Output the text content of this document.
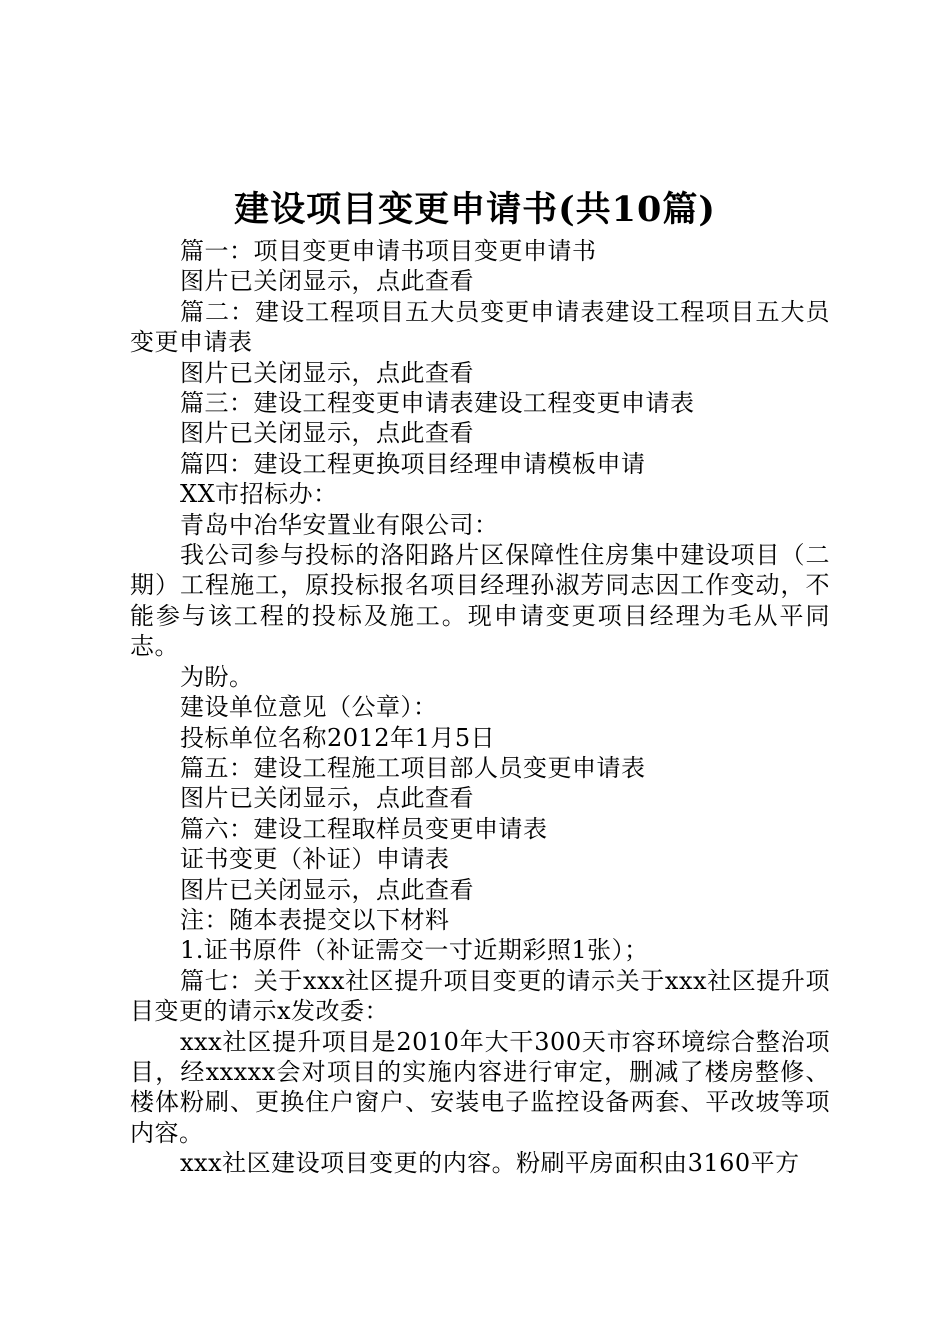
建设项目变更申请书(共10篇)

篇一：项目变更申请书项目变更申请书

图片已关闭显示，点此查看

篇二：建设工程项目五大员变更申请表建设工程项目五大员变更申请表

图片已关闭显示，点此查看

篇三：建设工程变更申请表建设工程变更申请表

图片已关闭显示，点此查看

篇四：建设工程更换项目经理申请模板申请

XX市招标办：

青岛中冶华安置业有限公司：

我公司参与投标的洛阳路片区保障性住房集中建设项目（二期）工程施工，原投标报名项目经理孙淑芳同志因工作变动，不能参与该工程的投标及施工。现申请变更项目经理为毛从平同志。

为盼。

建设单位意见（公章）：

投标单位名称2012年1月5日

篇五：建设工程施工项目部人员变更申请表

图片已关闭显示，点此查看

篇六：建设工程取样员变更申请表

证书变更（补证）申请表

图片已关闭显示，点此查看

注：随本表提交以下材料

1.证书原件（补证需交一寸近期彩照1张）；

篇七：关于xxx社区提升项目变更的请示关于xxx社区提升项目变更的请示x发改委：

xxx社区提升项目是2010年大干300天市容环境综合整治项目，经xxxxx会对项目的实施内容进行审定，删减了楼房整修、楼体粉刷、更换住户窗户、安装电子监控设备两套、平改坡等项内容。

xxx社区建设项目变更的内容。粉刷平房面积由3160平方
